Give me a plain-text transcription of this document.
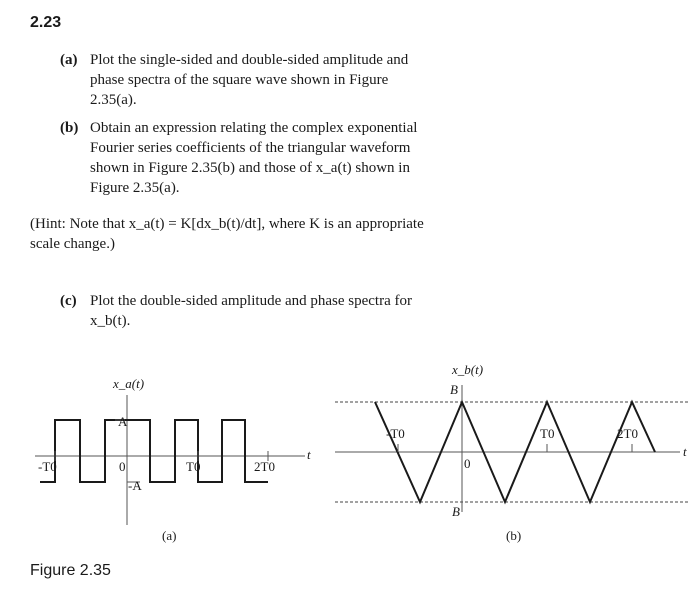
2.23
(a) Plot the single-sided and double-sided amplitude and phase spectra of the square wave shown in Figure 2.35(a).
(b) Obtain an expression relating the complex exponential Fourier series coefficients of the triangular waveform shown in Figure 2.35(b) and those of x_a(t) shown in Figure 2.35(a).
(Hint: Note that x_a(t) = K[dx_b(t)/dt], where K is an appropriate scale change.)
(c) Plot the double-sided amplitude and phase spectra for x_b(t).
x_a(t)
A
-A
0
-T0	T0	2T0
t
(a)
x_b(t)
B
B
0
-T0	T0	2T0
t
(b)
Figure 2.35
